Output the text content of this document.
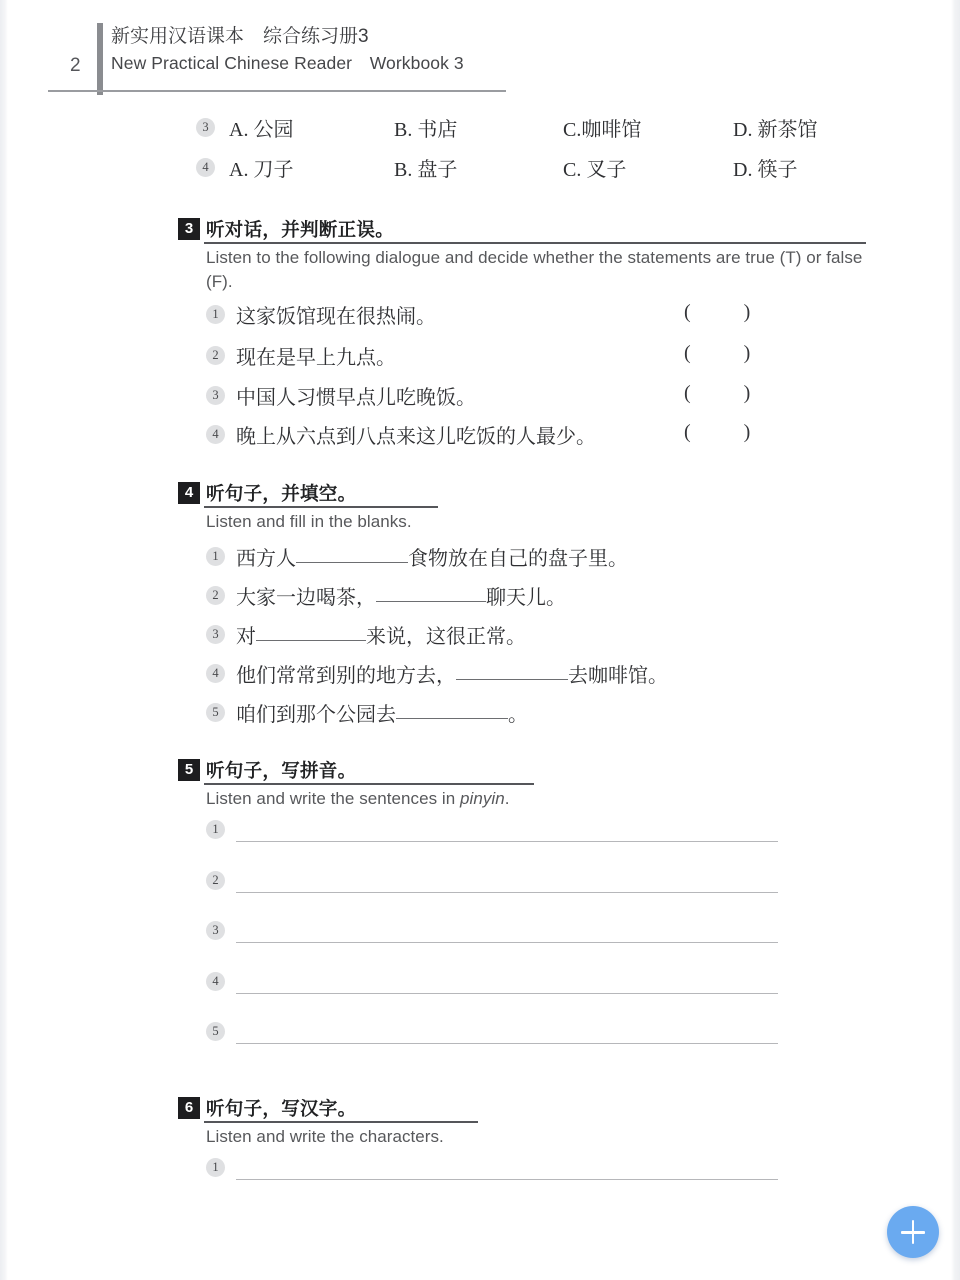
2
新实用汉语课本　综合练习册3
New Practical Chinese Reader　Workbook 3
3	A. 公园	B. 书店	C.咖啡馆	D. 新茶馆
4	A. 刀子	B. 盘子	C. 叉子	D. 筷子
3 听对话，并判断正误。
Listen to the following dialogue and decide whether the statements are true (T) or false (F).
1 这家饭馆现在很热闹。	( )
2 现在是早上九点。	( )
3 中国人习惯早点儿吃晚饭。	( )
4 晚上从六点到八点来这儿吃饭的人最少。	( )
4 听句子，并填空。
Listen and fill in the blanks.
1 西方人	食物放在自己的盘子里。
2 大家一边喝茶，	聊天儿。
3 对	来说，这很正常。
4 他们常常到别的地方去，	去咖啡馆。
5 咱们到那个公园去	。
5 听句子，写拼音。
Listen and write the sentences in pinyin.
1
2
3
4
5
6 听句子，写汉字。
Listen and write the characters.
1
